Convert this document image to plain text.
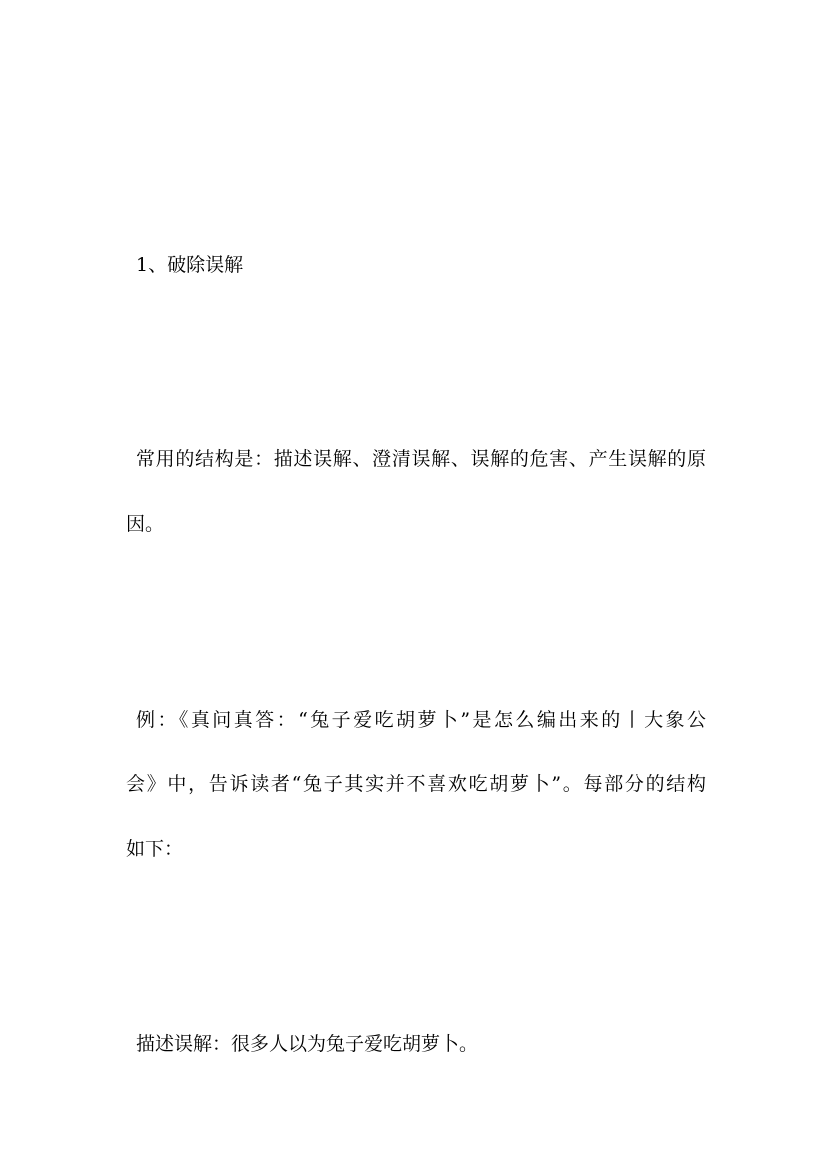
1、破除误解
常用的结构是：描述误解、澄清误解、误解的危害、产生误解的原
因。
例：《真问真答：“兔子爱吃胡萝卜”是怎么编出来的丨大象公
会》中，告诉读者“兔子其实并不喜欢吃胡萝卜”。每部分的结构
如下：
描述误解：很多人以为兔子爱吃胡萝卜。
